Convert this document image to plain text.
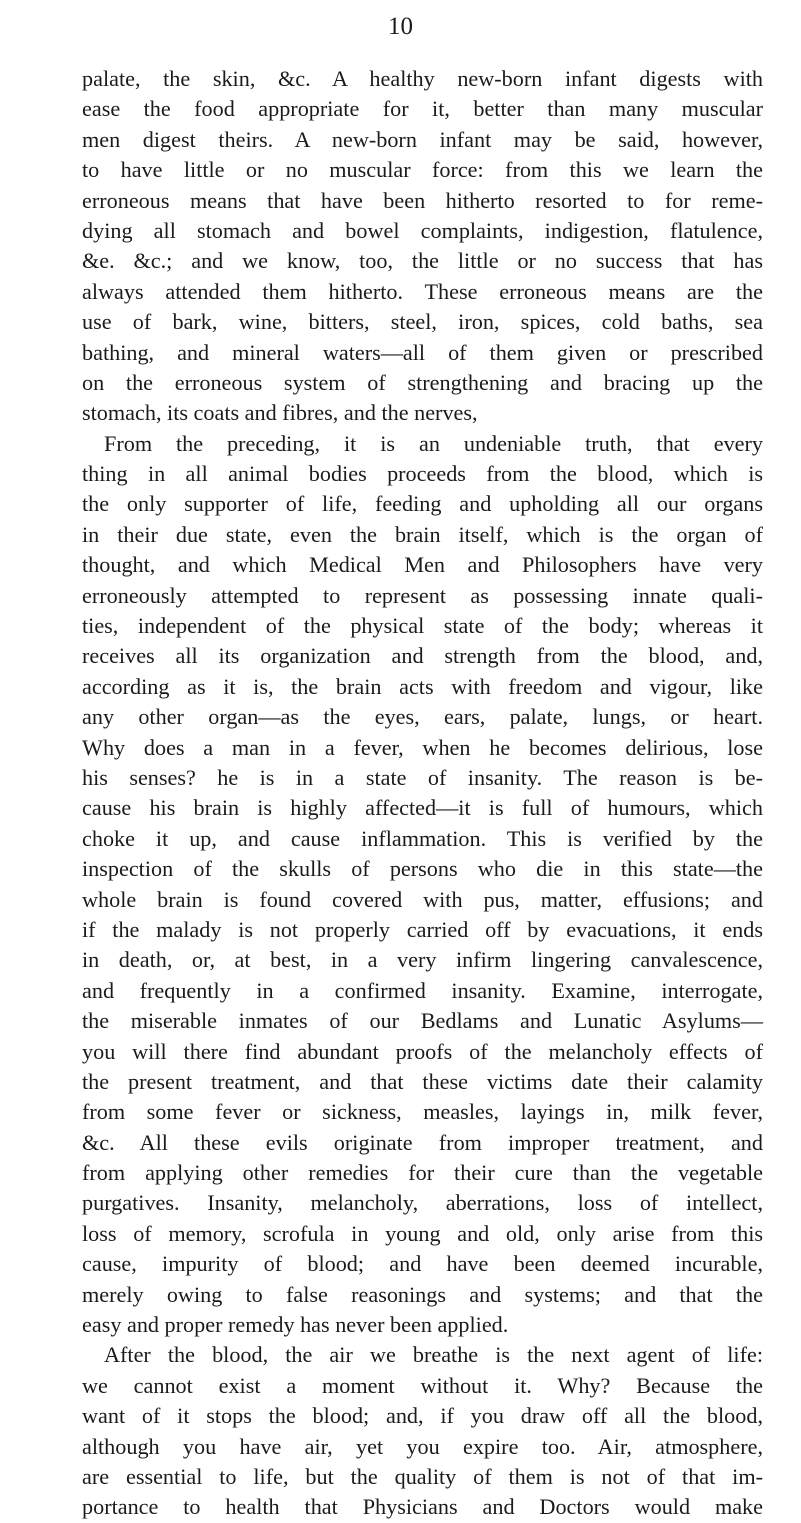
10
palate, the skin, &c. A healthy new-born infant digests with
ease the food appropriate for it, better than many muscular
men digest theirs. A new-born infant may be said, however,
to have little or no muscular force: from this we learn the
erroneous means that have been hitherto resorted to for reme-
dying all stomach and bowel complaints, indigestion, flatulence,
&e. &c.; and we know, too, the little or no success that has
always attended them hitherto. These erroneous means are the
use of bark, wine, bitters, steel, iron, spices, cold baths, sea
bathing, and mineral waters—all of them given or prescribed
on the erroneous system of strengthening and bracing up the
stomach, its coats and fibres, and the nerves,
From the preceding, it is an undeniable truth, that every
thing in all animal bodies proceeds from the blood, which is
the only supporter of life, feeding and upholding all our organs
in their due state, even the brain itself, which is the organ of
thought, and which Medical Men and Philosophers have very
erroneously attempted to represent as possessing innate quali-
ties, independent of the physical state of the body; whereas it
receives all its organization and strength from the blood, and,
according as it is, the brain acts with freedom and vigour, like
any other organ—as the eyes, ears, palate, lungs, or heart.
Why does a man in a fever, when he becomes delirious, lose
his senses? he is in a state of insanity. The reason is be-
cause his brain is highly affected—it is full of humours, which
choke it up, and cause inflammation. This is verified by the
inspection of the skulls of persons who die in this state—the
whole brain is found covered with pus, matter, effusions; and
if the malady is not properly carried off by evacuations, it ends
in death, or, at best, in a very infirm lingering canvalescence,
and frequently in a confirmed insanity. Examine, interrogate,
the miserable inmates of our Bedlams and Lunatic Asylums—
you will there find abundant proofs of the melancholy effects of
the present treatment, and that these victims date their calamity
from some fever or sickness, measles, layings in, milk fever,
&c. All these evils originate from improper treatment, and
from applying other remedies for their cure than the vegetable
purgatives. Insanity, melancholy, aberrations, loss of intellect,
loss of memory, scrofula in young and old, only arise from this
cause, impurity of blood; and have been deemed incurable,
merely owing to false reasonings and systems; and that the
easy and proper remedy has never been applied.
After the blood, the air we breathe is the next agent of life:
we cannot exist a moment without it. Why? Because the
want of it stops the blood; and, if you draw off all the blood,
although you have air, yet you expire too. Air, atmosphere,
are essential to life, but the quality of them is not of that im-
portance to health that Physicians and Doctors would make
